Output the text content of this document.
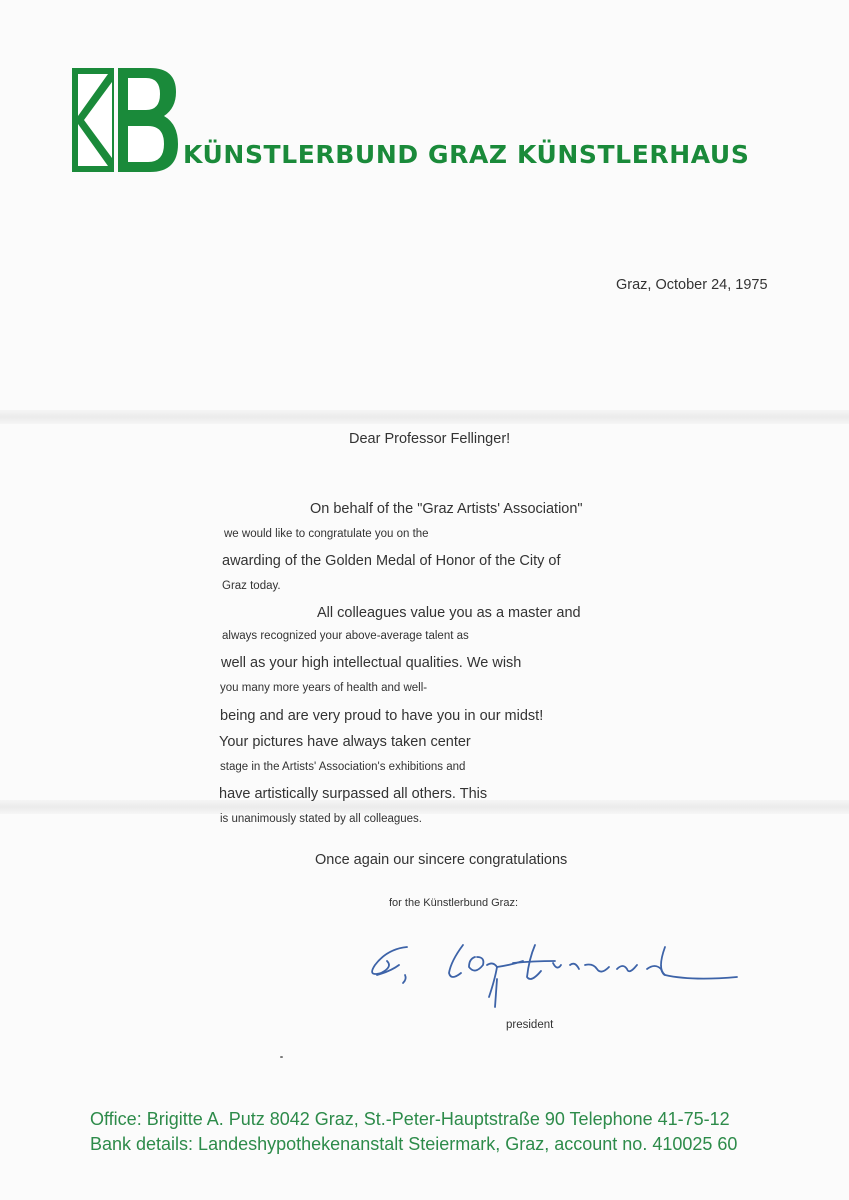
KÜNSTLERBUND GRAZ KÜNSTLERHAUS
Graz, October 24, 1975
Dear Professor Fellinger!
On behalf of the "Graz Artists' Association"
we would like to congratulate you on the
awarding of the Golden Medal of Honor of the City of
Graz today.
All colleagues value you as a master and
always recognized your above-average talent as
well as your high intellectual qualities. We wish
you many more years of health and well-
being and are very proud to have you in our midst!
Your pictures have always taken center
stage in the Artists' Association's exhibitions and
have artistically surpassed all others. This
is unanimously stated by all colleagues.
Once again our sincere congratulations
for the Künstlerbund Graz:
president
Office: Brigitte A. Putz 8042 Graz, St.-Peter-Hauptstraße 90 Telephone 41-75-12
Bank details: Landeshypothekenanstalt Steiermark, Graz, account no. 410025 60
